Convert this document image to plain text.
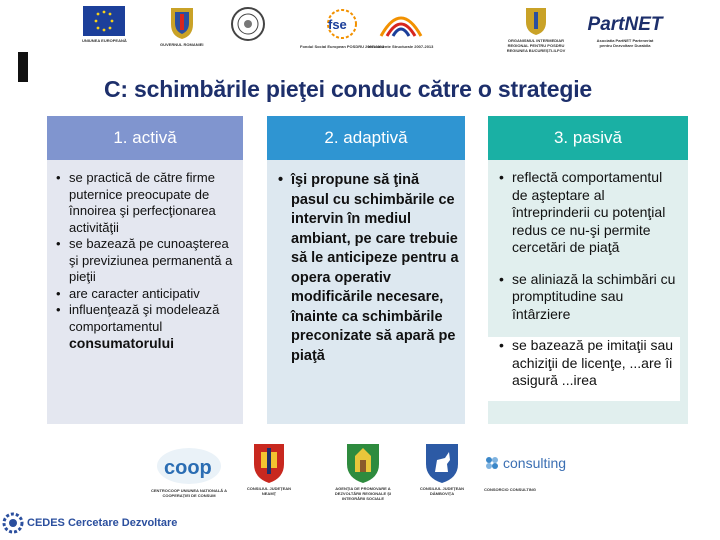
UNIUNEA EUROPEANĂ
GUVERNUL ROMANIEI
fse
Fondul Social European POSDRU 2007-2013
Instrumente Structurale 2007-2013
ORGANISMUL INTERMEDIAR REGIONAL PENTRU POSDRU REGIUNEA BUCUREŞTI-ILFOV
PartNET
Asociatia PartNET Parteneriat pentru Dezvoltare Durabila
C: schimbările pieţei conduc către o strategie
1. activă
• se practică de către firme puternice preocupate de înnoirea şi perfecţionarea activităţii
• se bazează pe cunoaşterea şi previziunea permanentă a pieţii
• are caracter anticipativ
• influenţează şi modelează comportamentul
consumatorului
2. adaptivă
• îşi propune să ţină pasul cu schimbările ce intervin în mediul ambiant, pe care trebuie să le anticipeze pentru a opera operativ modificările necesare, înainte ca schimbările preconizate să apară pe piaţă
3. pasivă
• reflectă comportamentul de aşteptare al întreprinderii cu potenţial redus ce nu-şi permite cercetări de piaţă
• se aliniază la schimbări cu promptitudine sau întârziere
• se bazează pe imitaţii sau achiziţii de licenţe, ...are îi asigură ...irea
coop
CENTROCOOP UNIUNEA NATIONALĂ A COOPERAŢIEI DE CONSUM
CONSILIUL JUDEŢEAN NEAMŢ
AGENŢIA DE PROMOVARE A DEZVOLTĂRII REGIONALE ŞI INTEGRĂRII SOCIALE
CONSILIUL JUDEŢEAN DÂMBOVIŢA
consulting
CONSORCIO CONSULTING
CEDES Cercetare Dezvoltare
